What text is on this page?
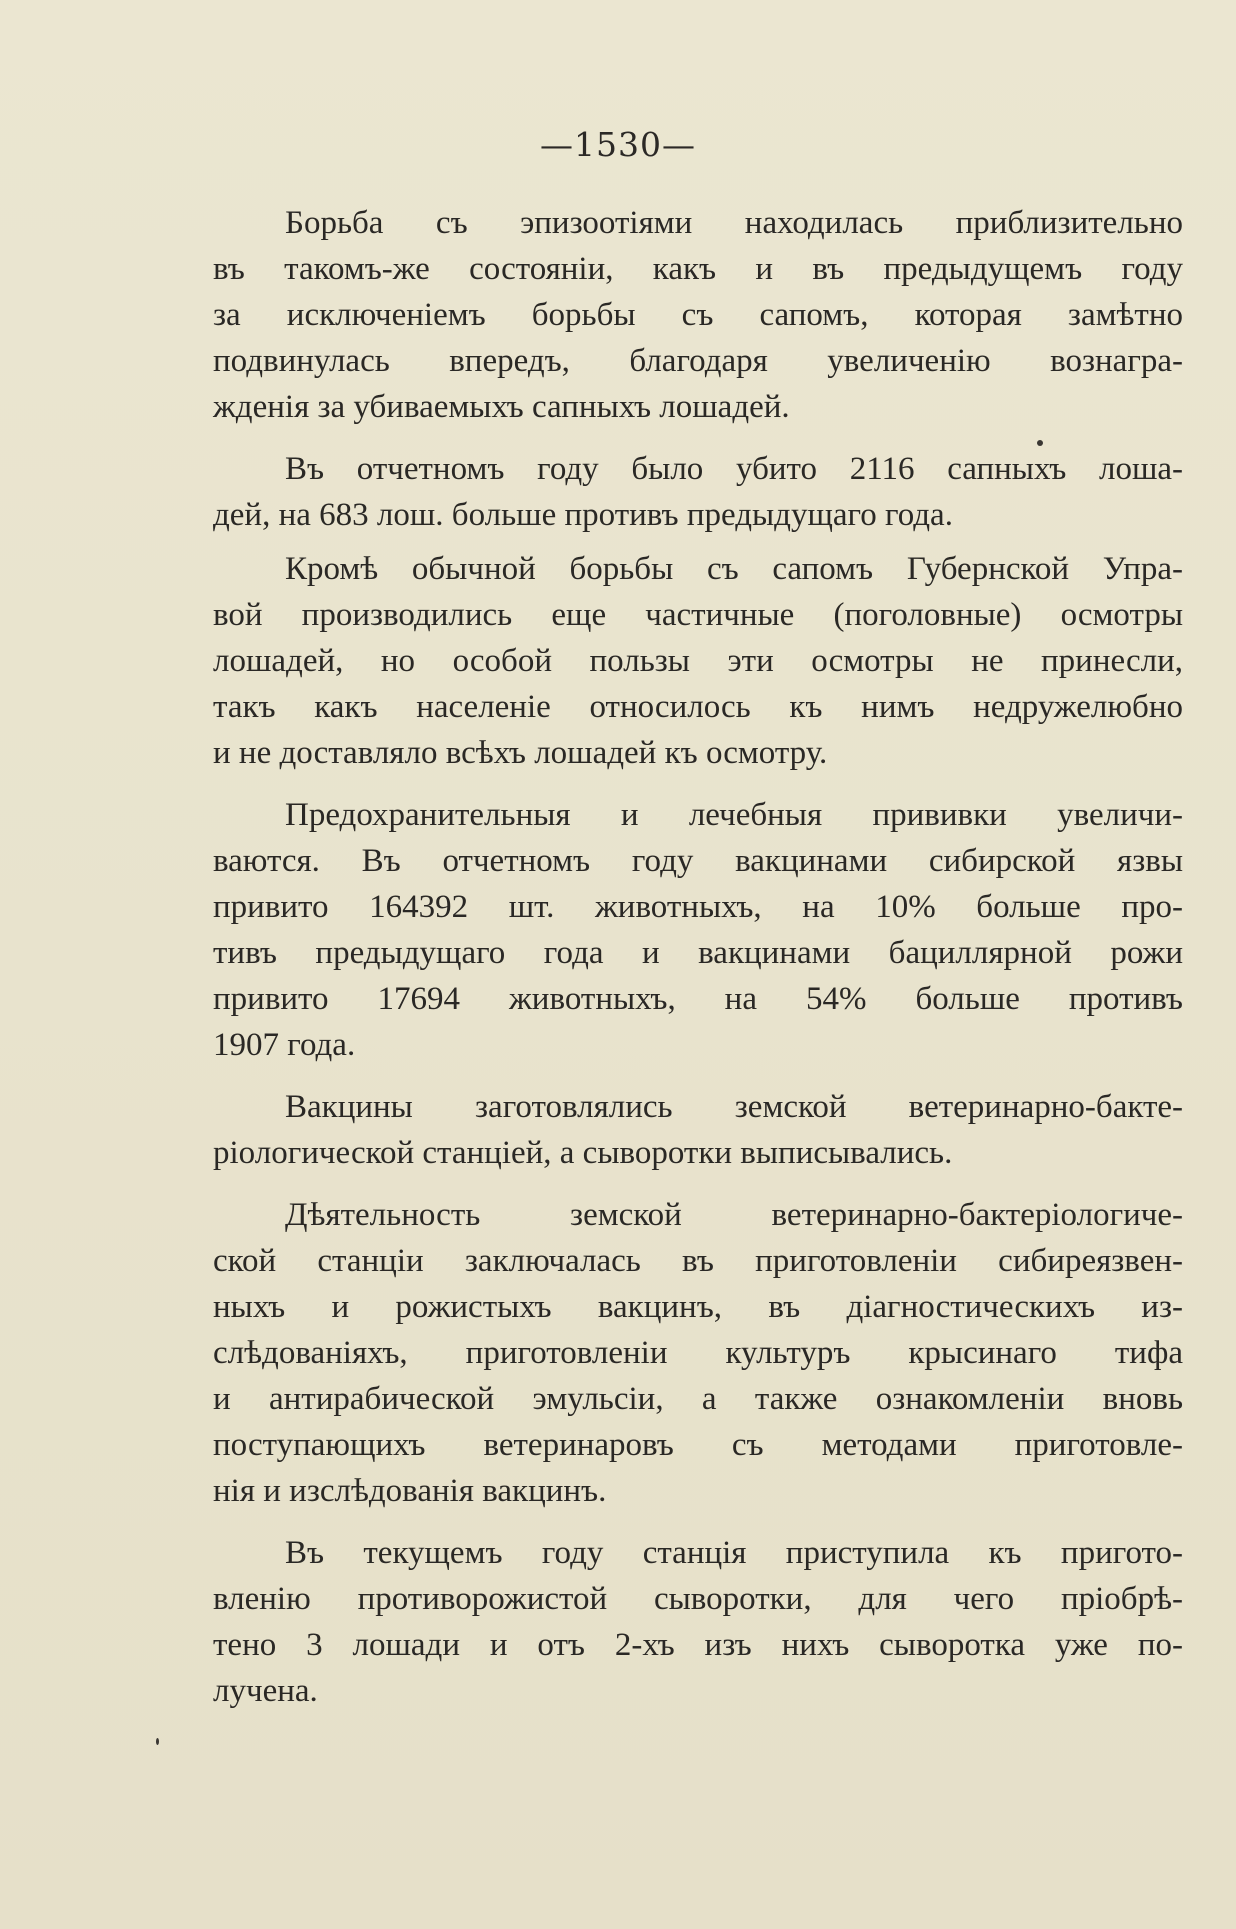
—1530—
Борьба съ эпизоотіями находилась приблизительно
въ такомъ-же состояніи, какъ и въ предыдущемъ году
за исключеніемъ борьбы съ сапомъ, которая замѣтно
подвинулась впередъ, благодаря увеличенію вознагра-
жденія за убиваемыхъ сапныхъ лошадей.
Въ отчетномъ году было убито 2116 сапныхъ лоша-
дей, на 683 лош. больше противъ предыдущаго года.
Кромѣ обычной борьбы съ сапомъ Губернской Упра-
вой производились еще частичные (поголовные) осмотры
лошадей, но особой пользы эти осмотры не принесли,
такъ какъ населеніе относилось къ нимъ недружелюбно
и не доставляло всѣхъ лошадей къ осмотру.
Предохранительныя и лечебныя прививки увеличи-
ваются. Въ отчетномъ году вакцинами сибирской язвы
привито 164392 шт. животныхъ, на 10% больше про-
тивъ предыдущаго года и вакцинами бациллярной рожи
привито 17694 животныхъ, на 54% больше противъ
1907 года.
Вакцины заготовлялись земской ветеринарно-бакте-
ріологической станціей, а сыворотки выписывались.
Дѣятельность земской ветеринарно-бактеріологиче-
ской станціи заключалась въ приготовленіи сибиреязвен-
ныхъ и рожистыхъ вакцинъ, въ діагностическихъ из-
слѣдованіяхъ, приготовленіи культуръ крысинаго тифа
и антирабической эмульсіи, а также ознакомленіи вновь
поступающихъ ветеринаровъ съ методами приготовле-
нія и изслѣдованія вакцинъ.
Въ текущемъ году станція приступила къ пригото-
вленію противорожистой сыворотки, для чего пріобрѣ-
тено 3 лошади и отъ 2-хъ изъ нихъ сыворотка уже по-
лучена.
